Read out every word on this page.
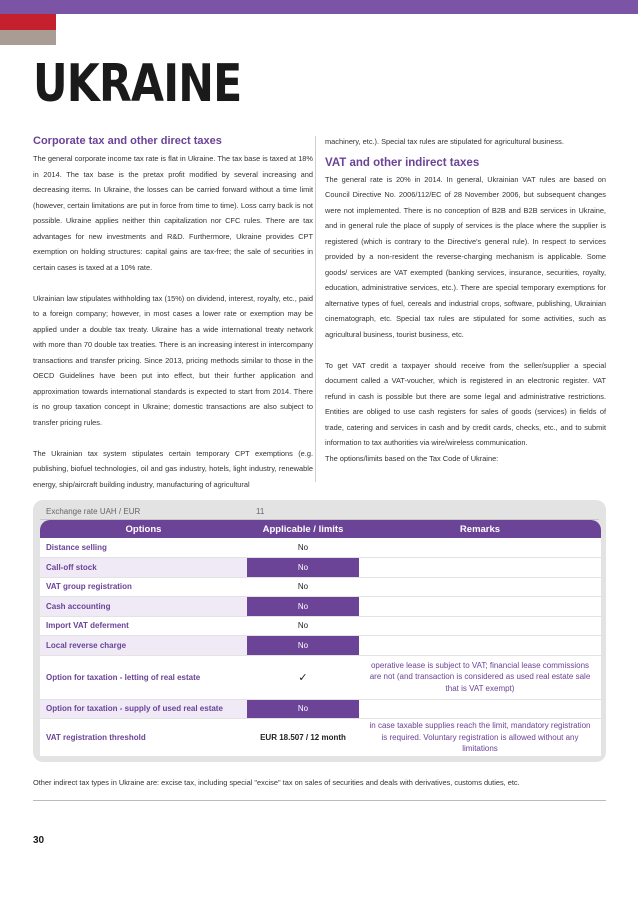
UKRAINE
Corporate tax and other direct taxes

The general corporate income tax rate is flat in Ukraine. The tax base is taxed at 18% in 2014. The tax base is the pretax profit modified by several increasing and decreasing items. In Ukraine, the losses can be carried forward without a time limit (however, certain limitations are put in force from time to time). Loss carry back is not possible. Ukraine applies neither thin capitalization nor CFC rules. There are tax advantages for new investments and R&D. Furthermore, Ukraine provides CPT exemption on holding structures: capital gains are tax-free; the sale of securities in certain cases is taxed at a 10% rate.

Ukrainian law stipulates withholding tax (15%) on dividend, interest, royalty, etc., paid to a foreign company; however, in most cases a lower rate or exemption may be applied under a double tax treaty. Ukraine has a wide international treaty network with more than 70 double tax treaties. There is an increasing interest in intercompany transactions and transfer pricing. Since 2013, pricing methods similar to those in the OECD Guidelines have been put into effect, but their further application and approximation towards international standards is expected to start from 2014. There is no group taxation concept in Ukraine; domestic transactions are also subject to transfer pricing rules.

The Ukrainian tax system stipulates certain temporary CPT exemptions (e.g. publishing, biofuel technologies, oil and gas industry, hotels, light industry, renewable energy, ship/aircraft building industry, manufacturing of agricultural

machinery, etc.). Special tax rules are stipulated for agricultural business.

VAT and other indirect taxes

The general rate is 20% in 2014. In general, Ukrainian VAT rules are based on Council Directive No. 2006/112/EC of 28 November 2006, but subsequent changes were not implemented. There is no conception of B2B and B2B services in Ukraine, and in general rule the place of supply of services is the place where the supplier is registered (which is contrary to the Directive's general rule). In respect to services provided by a non-resident the reverse-charging mechanism is applicable. Some goods/ services are VAT exempted (banking services, insurance, securities, royalty, education, administrative services, etc.). There are special temporary exemptions for alternative types of fuel, cereals and industrial crops, software, publishing, Ukrainian cinematograph, etc. Special tax rules are stipulated for some activities, such as agricultural business, tourist business, etc.

To get VAT credit a taxpayer should receive from the seller/supplier a special document called a VAT-voucher, which is registered in an electronic register. VAT refund in cash is possible but there are some legal and administrative restrictions. Entities are obliged to use cash registers for sales of goods (services) in fields of trade, catering and services in cash and by credit cards, checks, etc., and to submit information to tax authorities via wire/wireless communication.

The options/limits based on the Tax Code of Ukraine:

Exchange rate UAH / EUR	11
Options	Applicable / limits	Remarks
Distance selling	No	
Call-off stock	No	
VAT group registration	No	
Cash accounting	No	
Import VAT deferment	No	
Local reverse charge	No	
Option for taxation - letting of real estate	✓	operative lease is subject to VAT; financial lease commissions are not (and transaction is considered as used real estate sale that is VAT exempt)
Option for taxation - supply of used real estate	No	
VAT registration threshold	EUR 18.507 / 12 month	in case taxable supplies reach the limit, mandatory registration is required. Voluntary registration is allowed without any limitations
Other indirect tax types in Ukraine are: excise tax, including special "excise" tax on sales of securities and deals with derivatives, customs duties, etc.
30
